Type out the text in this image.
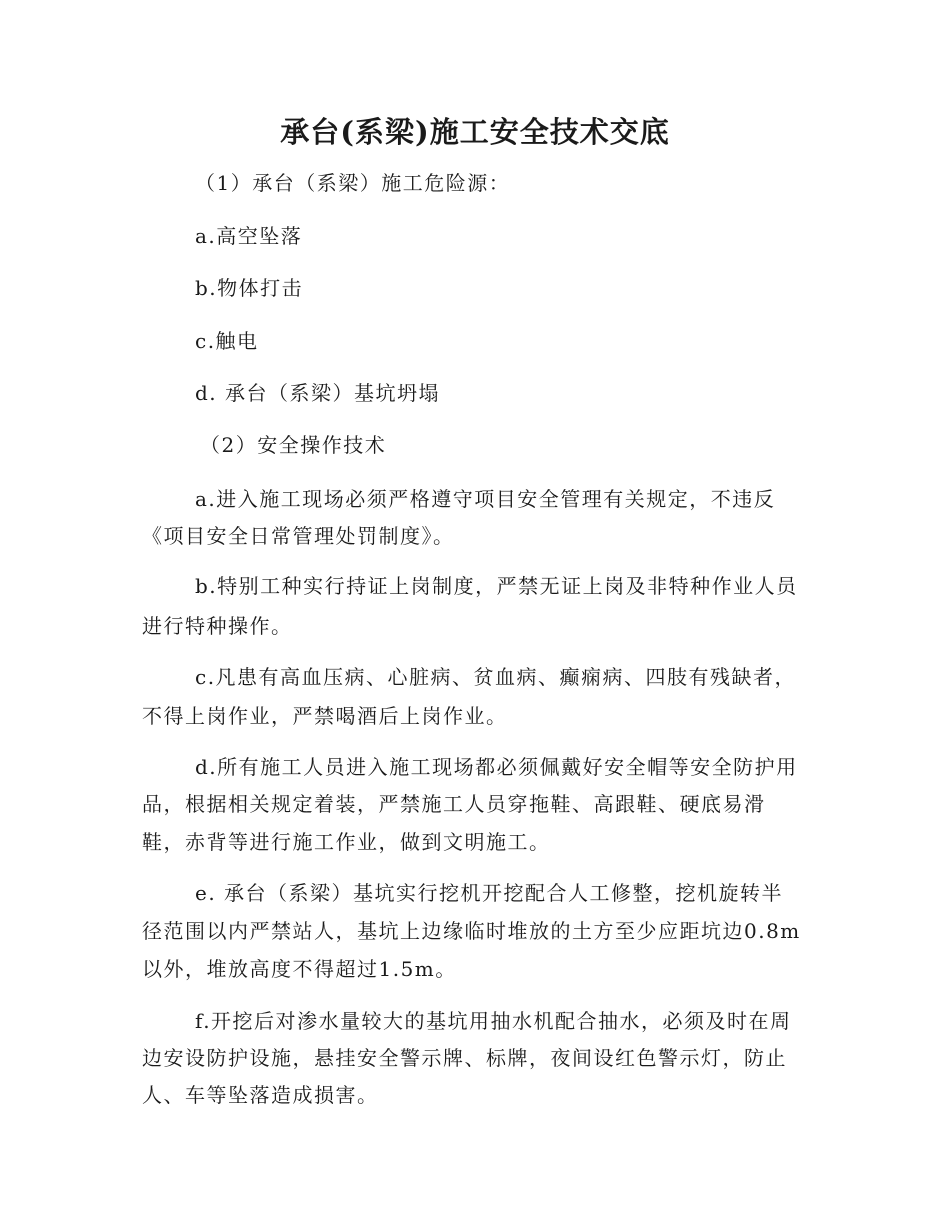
承台(系梁)施工安全技术交底
（1）承台（系梁）施工危险源：
a.高空坠落
b.物体打击
c.触电
d. 承台（系梁）基坑坍塌
（2）安全操作技术
a.进入施工现场必须严格遵守项目安全管理有关规定，不违反
《项目安全日常管理处罚制度》。
b.特别工种实行持证上岗制度，严禁无证上岗及非特种作业人员
进行特种操作。
c.凡患有高血压病、心脏病、贫血病、癫痫病、四肢有残缺者，
不得上岗作业，严禁喝酒后上岗作业。
d.所有施工人员进入施工现场都必须佩戴好安全帽等安全防护用
品，根据相关规定着装，严禁施工人员穿拖鞋、高跟鞋、硬底易滑
鞋，赤背等进行施工作业，做到文明施工。
e. 承台（系梁）基坑实行挖机开挖配合人工修整，挖机旋转半
径范围以内严禁站人，基坑上边缘临时堆放的土方至少应距坑边0.8m
以外，堆放高度不得超过1.5m。
f.开挖后对渗水量较大的基坑用抽水机配合抽水，必须及时在周
边安设防护设施，悬挂安全警示牌、标牌，夜间设红色警示灯，防止
人、车等坠落造成损害。
